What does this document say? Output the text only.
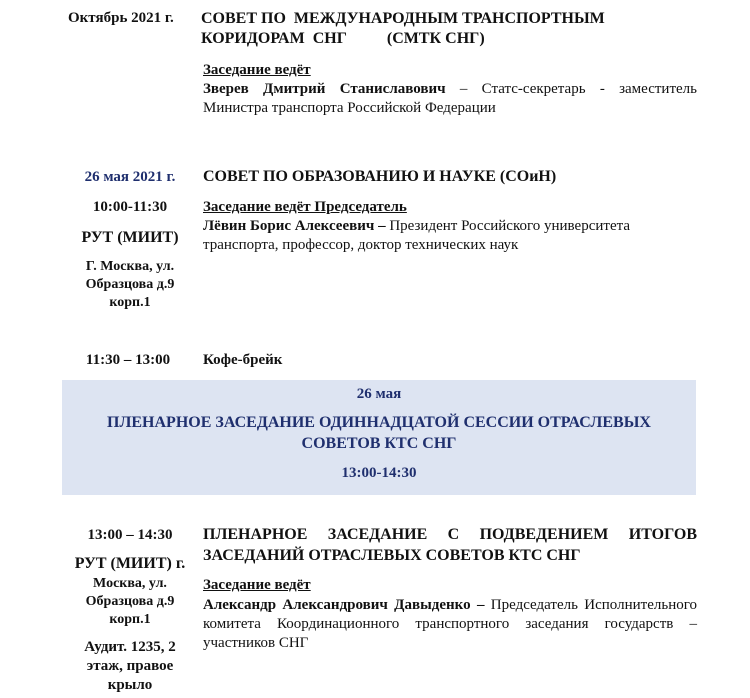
Октябрь 2021 г. СОВЕТ ПО  МЕЖДУНАРОДНЫМ ТРАНСПОРТНЫМ
КОРИДОРАМ  СНГ          (СМТК СНГ)
Заседание ведёт
Зверев Дмитрий Станиславович – Статс-секретарь - заместитель Министра транспорта Российской Федерации
26 мая 2021 г.
10:00-11:30
РУТ (МИИТ)
Г. Москва, ул. Образцова д.9 корп.1
СОВЕТ ПО ОБРАЗОВАНИЮ И НАУКЕ (СОиН)
Заседание ведёт Председатель
Лёвин Борис Алексеевич – Президент Российского университета транспорта, профессор, доктор технических наук
11:30 – 13:00	Кофе-брейк
26 мая
ПЛЕНАРНОЕ ЗАСЕДАНИЕ ОДИННАДЦАТОЙ СЕССИИ ОТРАСЛЕВЫХ СОВЕТОВ КТС СНГ
13:00-14:30
13:00 – 14:30
РУТ (МИИТ) г.
Москва, ул. Образцова д.9 корп.1
Аудит. 1235, 2 этаж, правое крыло
ПЛЕНАРНОЕ ЗАСЕДАНИЕ С ПОДВЕДЕНИЕМ ИТОГОВ ЗАСЕДАНИЙ ОТРАСЛЕВЫХ СОВЕТОВ КТС СНГ
Заседание ведёт
Александр Александрович Давыденко – Председатель Исполнительного комитета Координационного транспортного заседания государств – участников СНГ
